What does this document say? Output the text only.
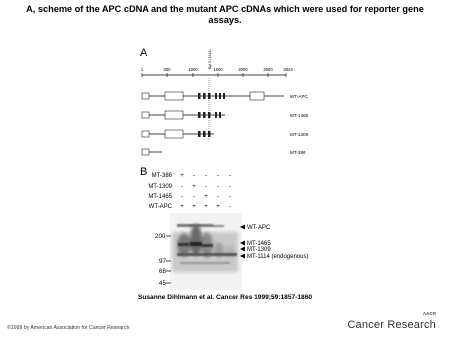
A, scheme of the APC cDNA and the mutant APC cDNAs which were used for reporter gene assays.
A
1	500	1000	1500	2000	2500	2843
Bgl II (1344)
WT-APC
MT-1465
MT-1309
MT-386
B MT-386 + - - - -
MT-1309 - + - - -
MT-1465 - - + - -
WT-APC + + + + -
200
97
68
45
WT-APC
MT-1465
MT-1309
MT-1114 (endogenous)
Susanne Dihlmann et al. Cancer Res 1999;59:1857-1860
©1999 by American Association for Cancer Research
AACR
Cancer Research
